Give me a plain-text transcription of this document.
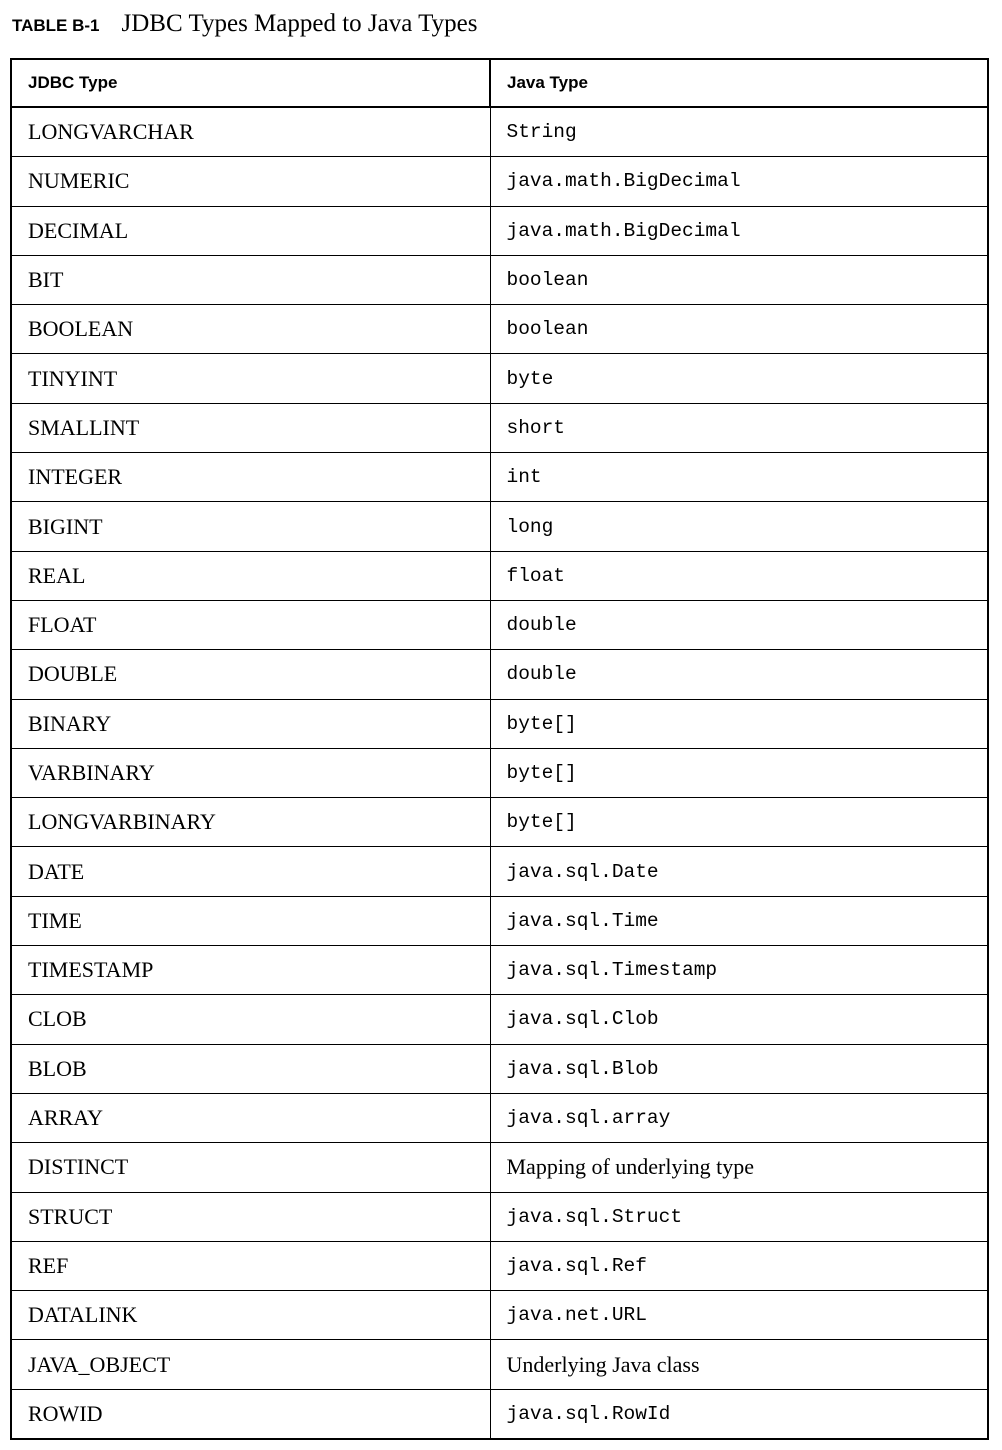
TABLE B-1 JDBC Types Mapped to Java Types
JDBC Type	Java Type
LONGVARCHAR	String
NUMERIC	java.math.BigDecimal
DECIMAL	java.math.BigDecimal
BIT	boolean
BOOLEAN	boolean
TINYINT	byte
SMALLINT	short
INTEGER	int
BIGINT	long
REAL	float
FLOAT	double
DOUBLE	double
BINARY	byte[]
VARBINARY	byte[]
LONGVARBINARY	byte[]
DATE	java.sql.Date
TIME	java.sql.Time
TIMESTAMP	java.sql.Timestamp
CLOB	java.sql.Clob
BLOB	java.sql.Blob
ARRAY	java.sql.array
DISTINCT	Mapping of underlying type
STRUCT	java.sql.Struct
REF	java.sql.Ref
DATALINK	java.net.URL
JAVA_OBJECT	Underlying Java class
ROWID	java.sql.RowId
